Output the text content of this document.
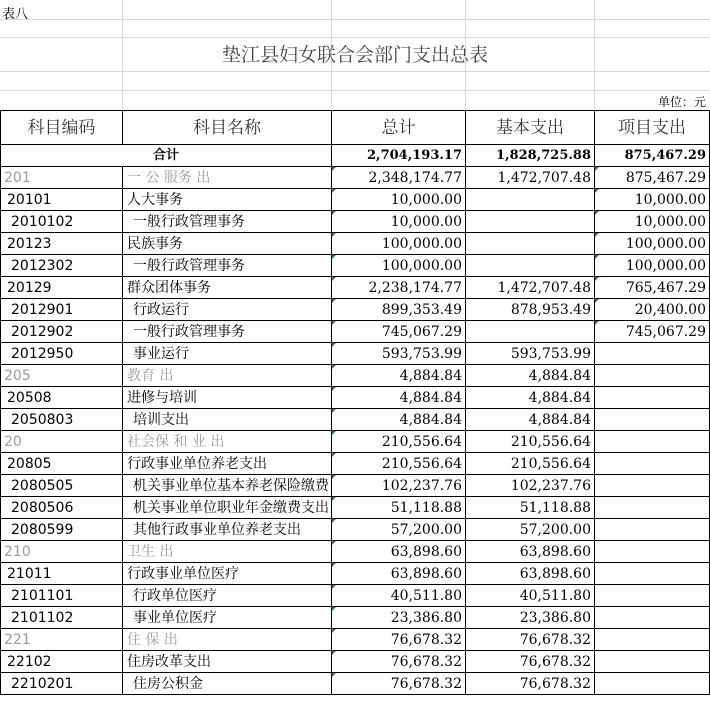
表八
垫江县妇女联合会部门支出总表
单位：元
科目编码	科目名称	总计	基本支出	项目支出
合计		2,704,193.17	1,828,725.88	875,467.29
201	一 公 服务 出	2,348,174.77	1,472,707.48	875,467.29
20101	人大事务	10,000.00		10,000.00
2010102	一般行政管理事务	10,000.00		10,000.00
20123	民族事务	100,000.00		100,000.00
2012302	一般行政管理事务	100,000.00		100,000.00
20129	群众团体事务	2,238,174.77	1,472,707.48	765,467.29
2012901	行政运行	899,353.49	878,953.49	20,400.00
2012902	一般行政管理事务	745,067.29		745,067.29
2012950	事业运行	593,753.99	593,753.99	
205	教育 出	4,884.84	4,884.84	
20508	进修与培训	4,884.84	4,884.84	
2050803	培训支出	4,884.84	4,884.84	
20	社会保 和 业 出	210,556.64	210,556.64	
20805	行政事业单位养老支出	210,556.64	210,556.64	
2080505	机关事业单位基本养老保险缴费	102,237.76	102,237.76	
2080506	机关事业单位职业年金缴费支出	51,118.88	51,118.88	
2080599	其他行政事业单位养老支出	57,200.00	57,200.00	
210	卫生 出	63,898.60	63,898.60	
21011	行政事业单位医疗	63,898.60	63,898.60	
2101101	行政单位医疗	40,511.80	40,511.80	
2101102	事业单位医疗	23,386.80	23,386.80	
221	住 保 出	76,678.32	76,678.32	
22102	住房改革支出	76,678.32	76,678.32	
2210201	住房公积金	76,678.32	76,678.32	
